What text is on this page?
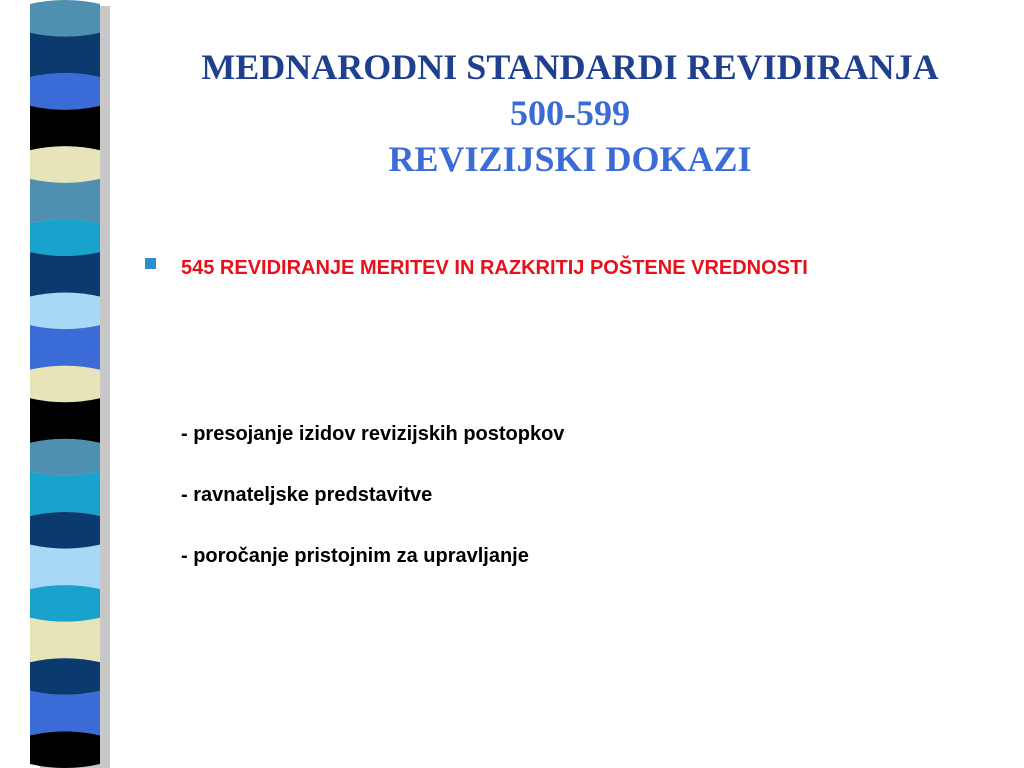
MEDNARODNI STANDARDI REVIDIRANJA
500-599
REVIZIJSKI DOKAZI
545 REVIDIRANJE MERITEV IN RAZKRITIJ POŠTENE VREDNOSTI
- presojanje izidov revizijskih postopkov
- ravnateljske predstavitve
- poročanje pristojnim za upravljanje
